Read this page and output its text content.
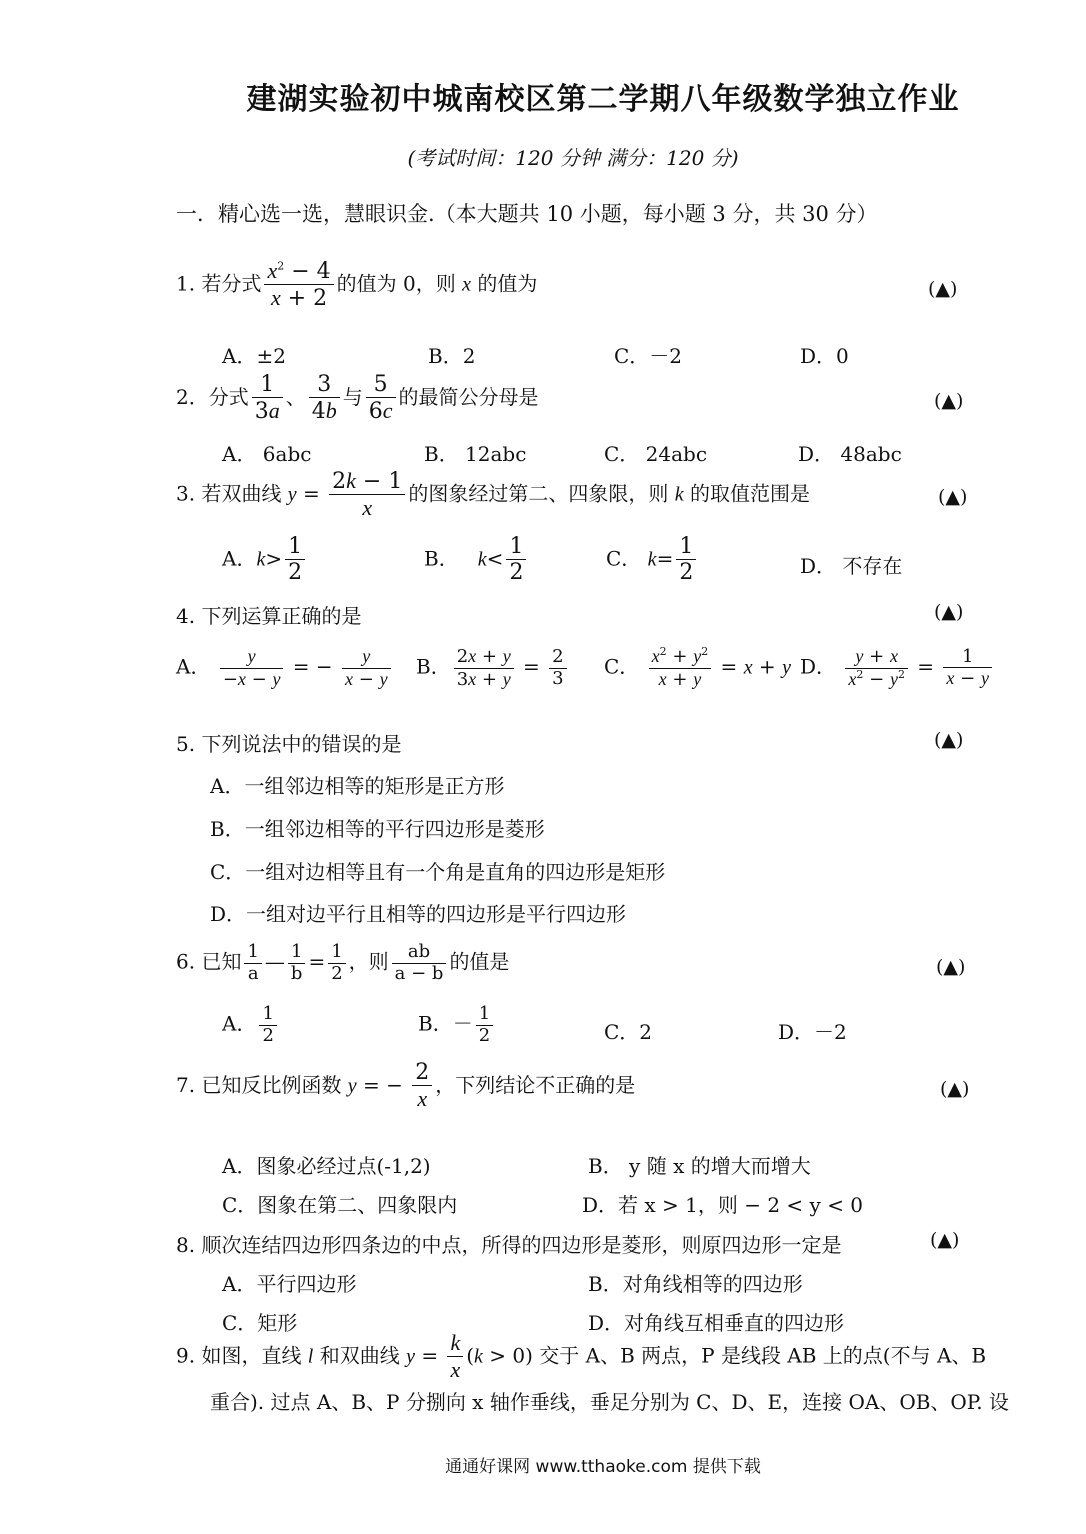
建湖实验初中城南校区第二学期八年级数学独立作业
(考试时间：120 分钟 满分：120 分)
一．精心选一选，慧眼识金.（本大题共 10 小题，每小题 3 分，共 30 分）
1. 若分式 $\frac{x^2 - 4}{x + 2}$ 的值为 0，则 x 的值为	(▲)
A．±2	B．2	C．－2	D．0
2．分式 $\frac{1}{3a}$ 、 $\frac{3}{4b}$ 与 $\frac{5}{6c}$ 的最简公分母是	(▲)
A． 6abc	B． 12abc	C． 24abc	D． 48abc
3. 若双曲线 $y = \frac{2k - 1}{x}$ 的图象经过第二、四象限，则 k 的取值范围是	(▲)
A．$k> \frac{1}{2}$	B． $k< \frac{1}{2}$	C． $k= \frac{1}{2}$	D． 不存在
4. 下列运算正确的是	(▲)
A． $\frac{y}{-x - y}$ = − $\frac{y}{x - y}$ B． $\frac{2x + y}{3x + y} = \frac{2}{3}$ C． $\frac{x^2 + y^2}{x + y} = x + y$ D． $\frac{y + x}{x^2 - y^2} = \frac{1}{x - y}$
5. 下列说法中的错误的是	(▲)
A．一组邻边相等的矩形是正方形
B．一组邻边相等的平行四边形是菱形
C．一组对边相等且有一个角是直角的四边形是矩形
D．一组对边平行且相等的四边形是平行四边形
6. 已知 $\frac{1}{a}$ — $\frac{1}{b} = \frac{1}{2}$ ，则 $\frac{ab}{a - b}$ 的值是	(▲)
A． $\frac{1}{2}$	B．－ $\frac{1}{2}$	C．2	D．－2
7. 已知反比例函数 y = − $\frac{2}{x}$ ，下列结论不正确的是	(▲)
A．图象必经过点(-1,2)	B． y 随 x 的增大而增大
C．图象在第二、四象限内	D．若 x > 1，则 − 2 < y < 0
8. 顺次连结四边形四条边的中点，所得的四边形是菱形，则原四边形一定是	(▲)
A．平行四边形	B．对角线相等的四边形
C．矩形	D．对角线互相垂直的四边形
9. 如图，直线 l 和双曲线 $y = \frac{k}{x} (k > 0)$ 交于 A、B 两点，P 是线段 AB 上的点(不与 A、B
重合). 过点 A、B、P 分捌向 x 轴作垂线，垂足分别为 C、D、E，连接 OA、OB、OP. 设
通通好课网 www.tthaoke.com 提供下载
